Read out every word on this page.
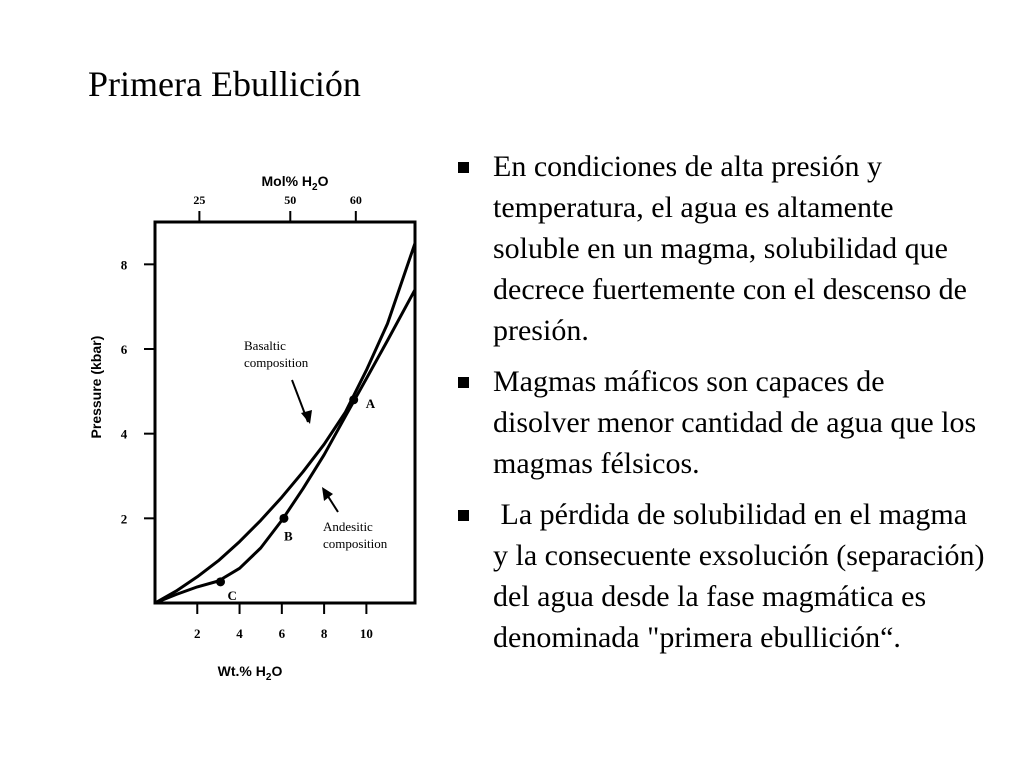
Primera Ebullición
2
4
6
8
2	4	6	8	10
25	50	60
Mol% $H_2O$
Wt.% $H_2O$
Pressure (kbar)	A
B
C
Basaltic
composition
Andesitic
composition
En condiciones de alta presión y temperatura, el agua es altamente soluble en un magma, solubilidad que decrece fuertemente con el descenso de presión.
Magmas máficos son capaces de disolver menor cantidad de agua que los magmas félsicos.
La pérdida de solubilidad en el magma y la consecuente exsolución (separación) del agua desde la fase magmática es denominada "primera ebullición“.
